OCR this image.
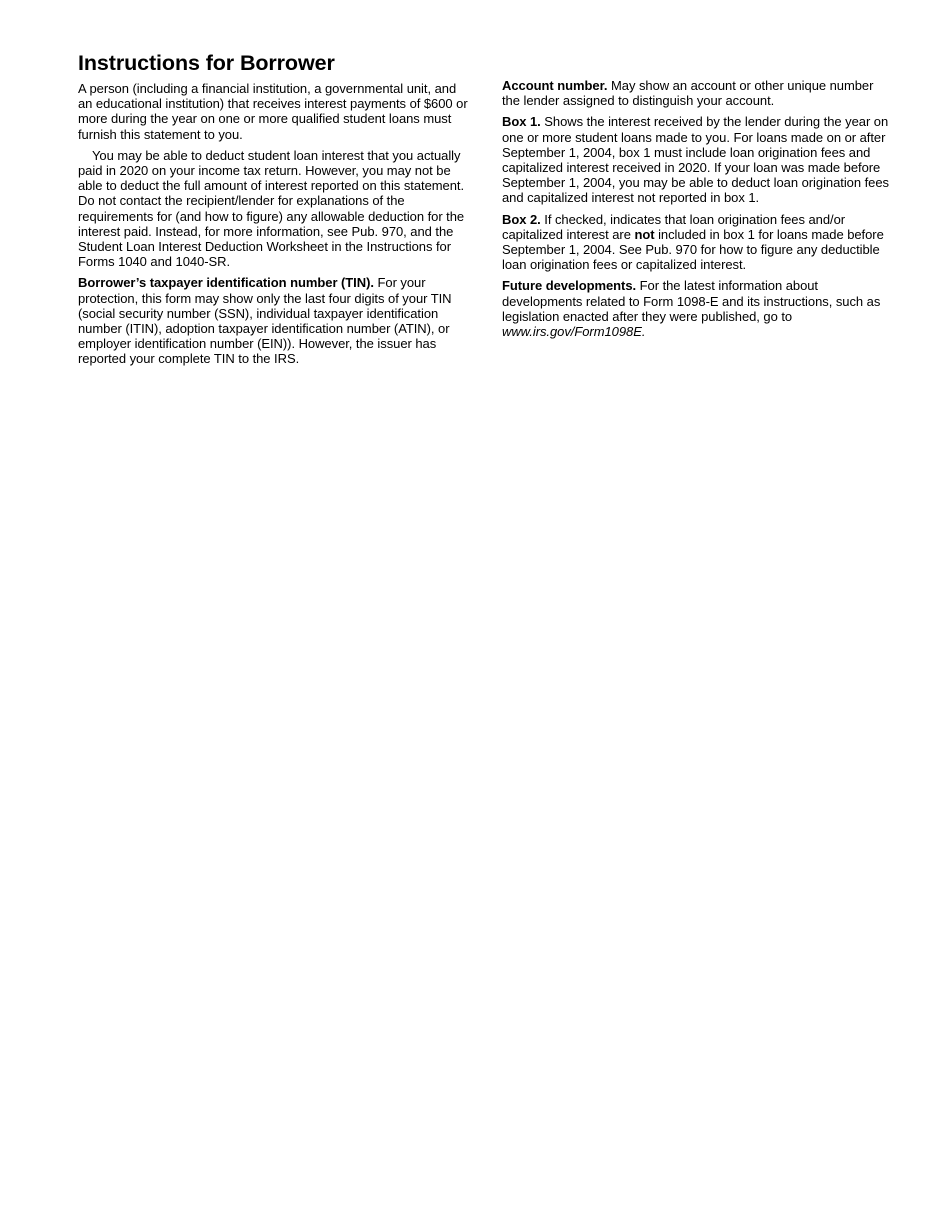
Instructions for Borrower

A person (including a financial institution, a governmental unit, and an educational institution) that receives interest payments of $600 or more during the year on one or more qualified student loans must furnish this statement to you.

You may be able to deduct student loan interest that you actually paid in 2020 on your income tax return. However, you may not be able to deduct the full amount of interest reported on this statement. Do not contact the recipient/lender for explanations of the requirements for (and how to figure) any allowable deduction for the interest paid. Instead, for more information, see Pub. 970, and the Student Loan Interest Deduction Worksheet in the Instructions for Forms 1040 and 1040-SR.

Borrower’s taxpayer identification number (TIN). For your protection, this form may show only the last four digits of your TIN (social security number (SSN), individual taxpayer identification number (ITIN), adoption taxpayer identification number (ATIN), or employer identification number (EIN)). However, the issuer has reported your complete TIN to the IRS.

Account number. May show an account or other unique number the lender assigned to distinguish your account.

Box 1. Shows the interest received by the lender during the year on one or more student loans made to you. For loans made on or after September 1, 2004, box 1 must include loan origination fees and capitalized interest received in 2020. If your loan was made before September 1, 2004, you may be able to deduct loan origination fees and capitalized interest not reported in box 1.

Box 2. If checked, indicates that loan origination fees and/or capitalized interest are not included in box 1 for loans made before September 1, 2004. See Pub. 970 for how to figure any deductible loan origination fees or capitalized interest.

Future developments. For the latest information about developments related to Form 1098-E and its instructions, such as legislation enacted after they were published, go to www.irs.gov/Form1098E.
